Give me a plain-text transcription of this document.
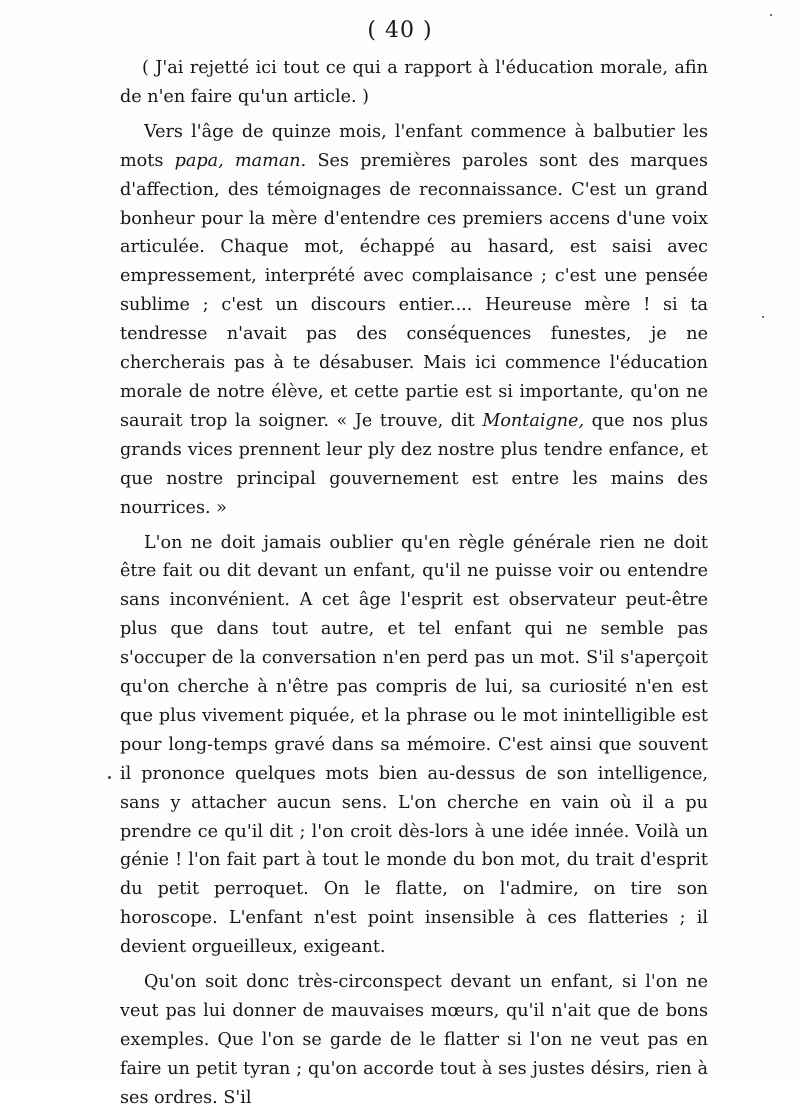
( 40 )

( J'ai rejetté ici tout ce qui a rapport à l'éducation morale, afin de n'en faire qu'un article. )

Vers l'âge de quinze mois, l'enfant commence à balbutier les mots papa, maman. Ses premières paroles sont des marques d'affection, des témoignages de reconnaissance. C'est un grand bonheur pour la mère d'entendre ces premiers accens d'une voix articulée. Chaque mot, échappé au hasard, est saisi avec empressement, interprété avec complaisance ; c'est une pensée sublime ; c'est un discours entier.... Heureuse mère ! si ta tendresse n'avait pas des conséquences funestes, je ne chercherais pas à te désabuser. Mais ici commence l'éducation morale de notre élève, et cette partie est si importante, qu'on ne saurait trop la soigner. « Je trouve, dit Montaigne, que nos plus grands vices prennent leur ply dez nostre plus tendre enfance, et que nostre principal gouvernement est entre les mains des nourrices. »

L'on ne doit jamais oublier qu'en règle générale rien ne doit être fait ou dit devant un enfant, qu'il ne puisse voir ou entendre sans inconvénient. A cet âge l'esprit est observateur peut-être plus que dans tout autre, et tel enfant qui ne semble pas s'occuper de la conversation n'en perd pas un mot. S'il s'aperçoit qu'on cherche à n'être pas compris de lui, sa curiosité n'en est que plus vivement piquée, et la phrase ou le mot inintelligible est pour long-temps gravé dans sa mémoire. C'est ainsi que souvent il prononce quelques mots bien au-dessus de son intelligence, sans y attacher aucun sens. L'on cherche en vain où il a pu prendre ce qu'il dit ; l'on croit dès-lors à une idée innée. Voilà un génie ! l'on fait part à tout le monde du bon mot, du trait d'esprit du petit perroquet. On le flatte, on l'admire, on tire son horoscope. L'enfant n'est point insensible à ces flatteries ; il devient orgueilleux, exigeant.

Qu'on soit donc très-circonspect devant un enfant, si l'on ne veut pas lui donner de mauvaises mœurs, qu'il n'ait que de bons exemples. Que l'on se garde de le flatter si l'on ne veut pas en faire un petit tyran ; qu'on accorde tout à ses justes désirs, rien à ses ordres. S'il
